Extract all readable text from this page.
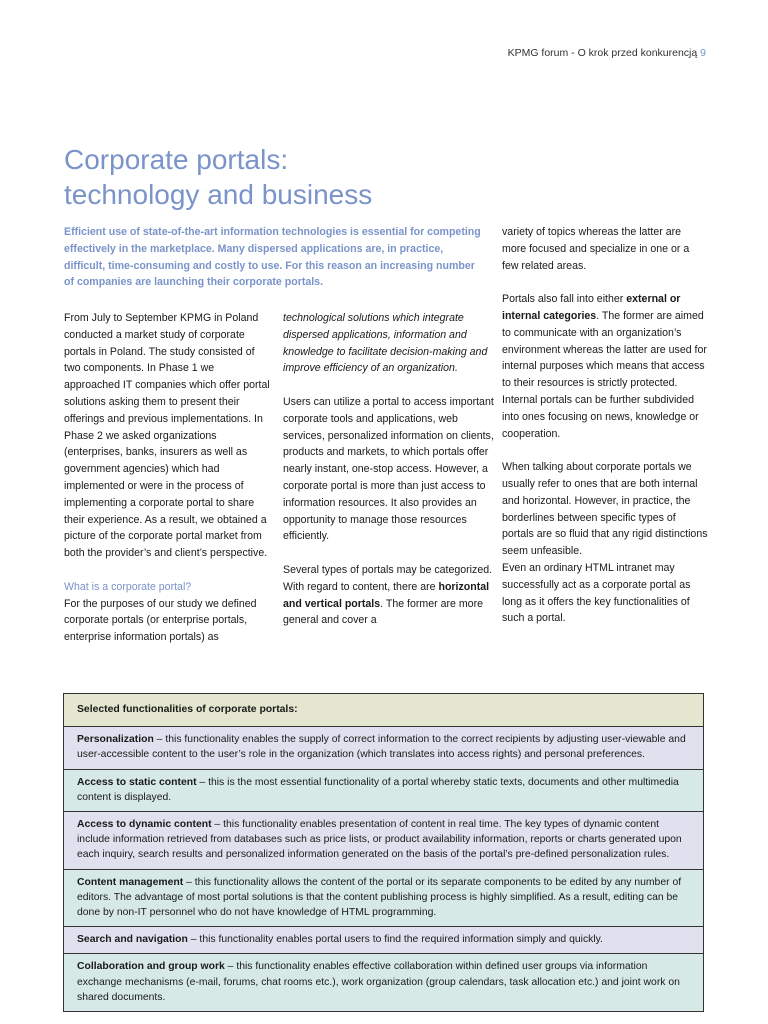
KPMG forum - O krok przed konkurencją 9
Corporate portals:
technology and business

Efficient use of state-of-the-art information technologies is essential for competing effectively in the marketplace. Many dispersed applications are, in practice, difficult, time-consuming and costly to use. For this reason an increasing number of companies are launching their corporate portals.

From July to September KPMG in Poland conducted a market study of corporate portals in Poland. The study consisted of two components. In Phase 1 we approached IT companies which offer portal solutions asking them to present their offerings and previous implementations. In Phase 2 we asked organizations (enterprises, banks, insurers as well as government agencies) which had implemented or were in the process of implementing a corporate portal to share their experience. As a result, we obtained a picture of the corporate portal market from both the provider’s and client’s perspective.

What is a corporate portal?

For the purposes of our study we defined corporate portals (or enterprise portals, enterprise information portals) as

technological solutions which integrate dispersed applications, information and knowledge to facilitate decision-making and improve efficiency of an organization.

Users can utilize a portal to access important corporate tools and applications, web services, personalized information on clients, products and markets, to which portals offer nearly instant, one-stop access. However, a corporate portal is more than just access to information resources. It also provides an opportunity to manage those resources efficiently.

Several types of portals may be categorized. With regard to content, there are horizontal and vertical portals. The former are more general and cover a

variety of topics whereas the latter are more focused and specialize in one or a few related areas.

Portals also fall into either external or internal categories. The former are aimed to communicate with an organization’s environment whereas the latter are used for internal purposes which means that access to their resources is strictly protected. Internal portals can be further subdivided into ones focusing on news, knowledge or cooperation.

When talking about corporate portals we usually refer to ones that are both internal and horizontal. However, in practice, the borderlines between specific types of portals are so fluid that any rigid distinctions seem unfeasible.

Even an ordinary HTML intranet may successfully act as a corporate portal as long as it offers the key functionalities of such a portal.

Selected functionalities of corporate portals:
Personalization – this functionality enables the supply of correct information to the correct recipients by adjusting user-viewable and user-accessible content to the user’s role in the organization (which translates into access rights) and personal preferences.
Access to static content – this is the most essential functionality of a portal whereby static texts, documents and other multimedia content is displayed.
Access to dynamic content – this functionality enables presentation of content in real time. The key types of dynamic content include information retrieved from databases such as price lists, or product availability information, reports or charts generated upon each inquiry, search results and personalized information generated on the basis of the portal’s pre-defined personalization rules.
Content management – this functionality allows the content of the portal or its separate components to be edited by any number of editors. The advantage of most portal solutions is that the content publishing process is highly simplified. As a result, editing can be done by non-IT personnel who do not have knowledge of HTML programming.
Search and navigation – this functionality enables portal users to find the required information simply and quickly.
Collaboration and group work – this functionality enables effective collaboration within defined user groups via information exchange mechanisms (e-mail, forums, chat rooms etc.), work organization (group calendars, task allocation etc.) and joint work on shared documents.
